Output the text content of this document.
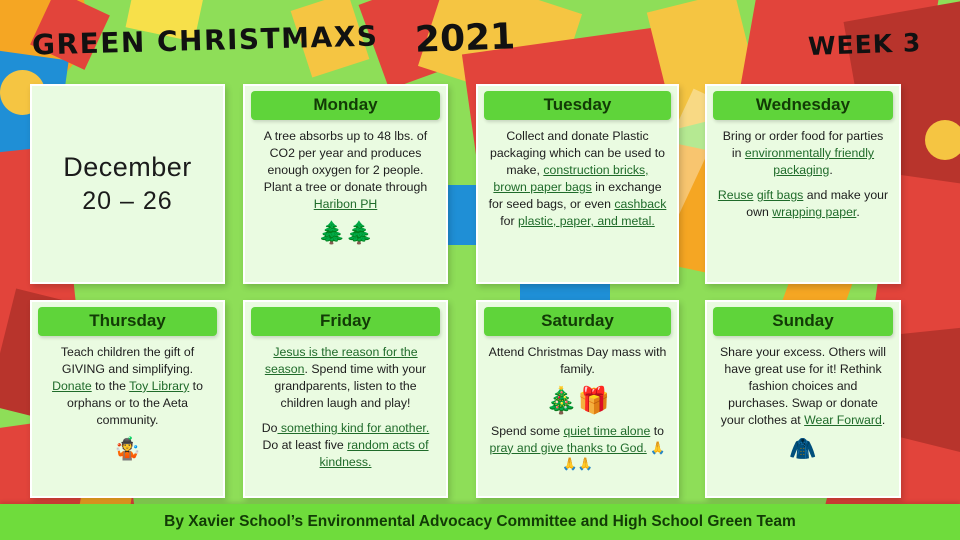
GREEN CHRISTMAXS 2021	WEEK 3
December
20 – 26
Monday

A tree absorbs up to 48 lbs. of CO2 per year and produces enough oxygen for 2 people. Plant a tree or donate through Haribon PH

🌲🌲

Tuesday

Collect and donate Plastic packaging which can be used to make, construction bricks, brown paper bags in exchange for seed bags, or even cashback for plastic, paper, and metal.

Wednesday

Bring or order food for parties in environmentally friendly packaging.

Reuse gift bags and make your own wrapping paper.

Thursday

Teach children the gift of GIVING and simplifying. Donate to the Toy Library to orphans or to the Aeta community.

🤹

Friday

Jesus is the reason for the season. Spend time with your grandparents, listen to the children laugh and play!

Do something kind for another. Do at least five random acts of kindness.

Saturday

Attend Christmas Day mass with family.

🎄🎁

Spend some quiet time alone to pray and give thanks to God. 🙏🙏🙏

Sunday

Share your excess. Others will have great use for it! Rethink fashion choices and purchases. Swap or donate your clothes at Wear Forward.

🧥

By Xavier School’s Environmental Advocacy Committee and High School Green Team
